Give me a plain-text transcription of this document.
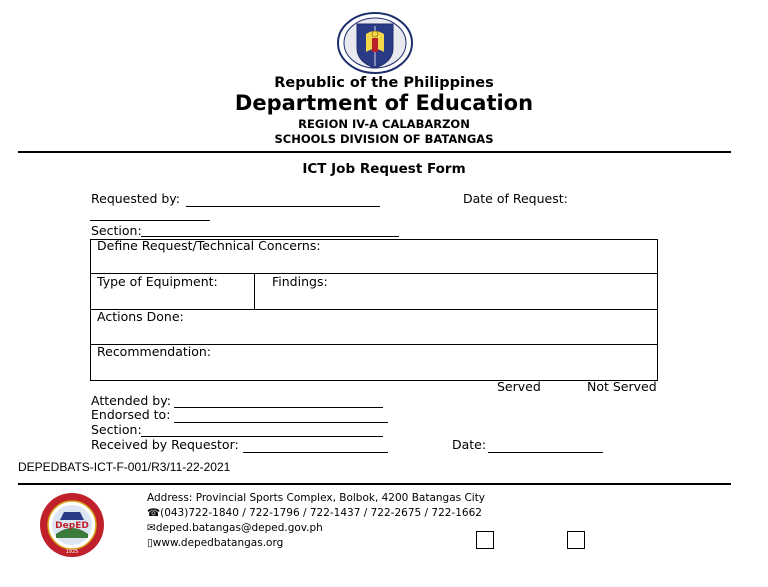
Republic of the Philippines
Department of Education
REGION IV-A CALABARZON
SCHOOLS DIVISION OF BATANGAS
ICT Job Request Form
Requested by:	Date of Request:
Section:
Define Request/Technical Concerns:
Type of Equipment:	Findings:
Actions Done:
Recommendation:
Served	Not Served
Attended by:
Endorsed to:
Section:
Received by Requestor:	Date:
DEPEDBATS-ICT-F-001/R3/11-22-2021
DepED
1925
Address: Provincial Sports Complex, Bolbok, 4200 Batangas City
☎(043)722-1840 / 722-1796 / 722-1437 / 722-2675 / 722-1662
✉deped.batangas@deped.gov.ph
▯www.depedbatangas.org
